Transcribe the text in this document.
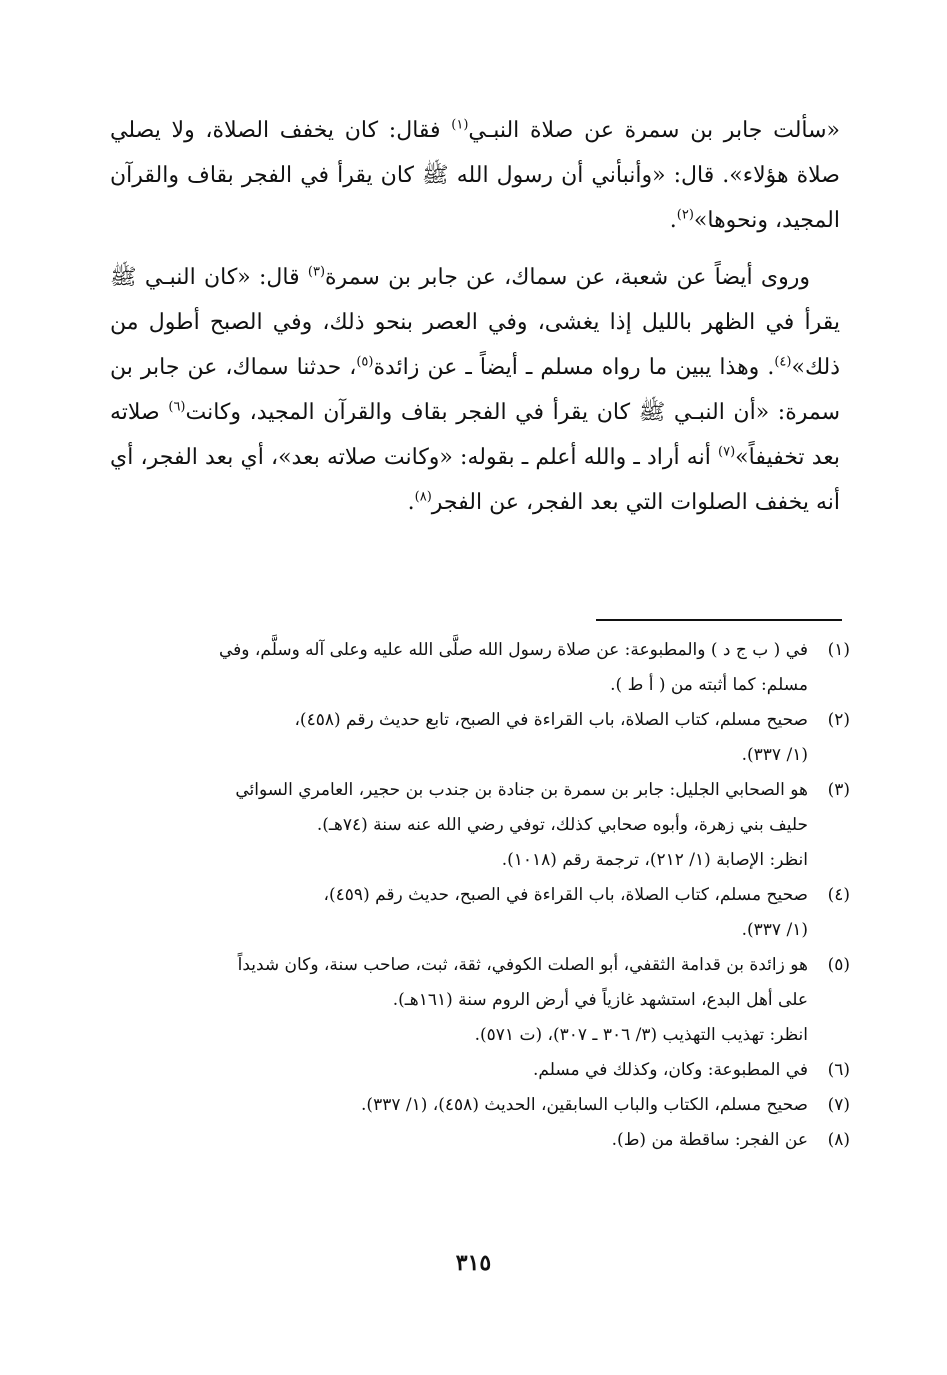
«سألت جابر بن سمرة عن صلاة النبـي$^{(١)}$ فقال: كان يخفف الصلاة، ولا يصلي صلاة هؤلاء». قال: «وأنبأني أن رسول الله ﷺ كان يقرأ في الفجر بقاف والقرآن المجيد، ونحوها»$^{(٢)}$.

وروى أيضاً عن شعبة، عن سماك، عن جابر بن سمرة$^{(٣)}$ قال: «كان النبـي ﷺ يقرأ في الظهر بالليل إذا يغشى، وفي العصر بنحو ذلك، وفي الصبح أطول من ذلك»$^{(٤)}$. وهذا يبين ما رواه مسلم ـ أيضاً ـ عن زائدة$^{(٥)}$، حدثنا سماك، عن جابر بن سمرة: «أن النبـي ﷺ كان يقرأ في الفجر بقاف والقرآن المجيد، وكانت$^{(٦)}$ صلاته بعد تخفيفاً»$^{(٧)}$ أنه أراد ـ والله أعلم ـ بقوله: «وكانت صلاته بعد»، أي بعد الفجر، أي أنه يخفف الصلوات التي بعد الفجر، عن الفجر$^{(٨)}$.

(١)
في ( ب ج د ) والمطبوعة: عن صلاة رسول الله صلَّى الله عليه وعلى آله وسلَّم، وفي
مسلم: كما أثبته من ( أ ط ).
(٢)
صحيح مسلم، كتاب الصلاة، باب القراءة في الصبح، تابع حديث رقم (٤٥٨)،
(١/ ٣٣٧).
(٣)
هو الصحابي الجليل: جابر بن سمرة بن جنادة بن جندب بن حجير، العامري السوائي
حليف بني زهرة، وأبوه صحابي كذلك، توفي رضي الله عنه سنة (٧٤هـ).
انظر: الإصابة (١/ ٢١٢)، ترجمة رقم (١٠١٨).
(٤)
صحيح مسلم، كتاب الصلاة، باب القراءة في الصبح، حديث رقم (٤٥٩)،
(١/ ٣٣٧).
(٥)
هو زائدة بن قدامة الثقفي، أبو الصلت الكوفي، ثقة، ثبت، صاحب سنة، وكان شديداً
على أهل البدع، استشهد غازياً في أرض الروم سنة (١٦١هـ).
انظر: تهذيب التهذيب (٣/ ٣٠٦ ـ ٣٠٧)، (ت ٥٧١).
(٦)
في المطبوعة: وكان، وكذلك في مسلم.
(٧)
صحيح مسلم، الكتاب والباب السابقين، الحديث (٤٥٨)، (١/ ٣٣٧).
(٨)
عن الفجر: ساقطة من (ط).
٣١٥
